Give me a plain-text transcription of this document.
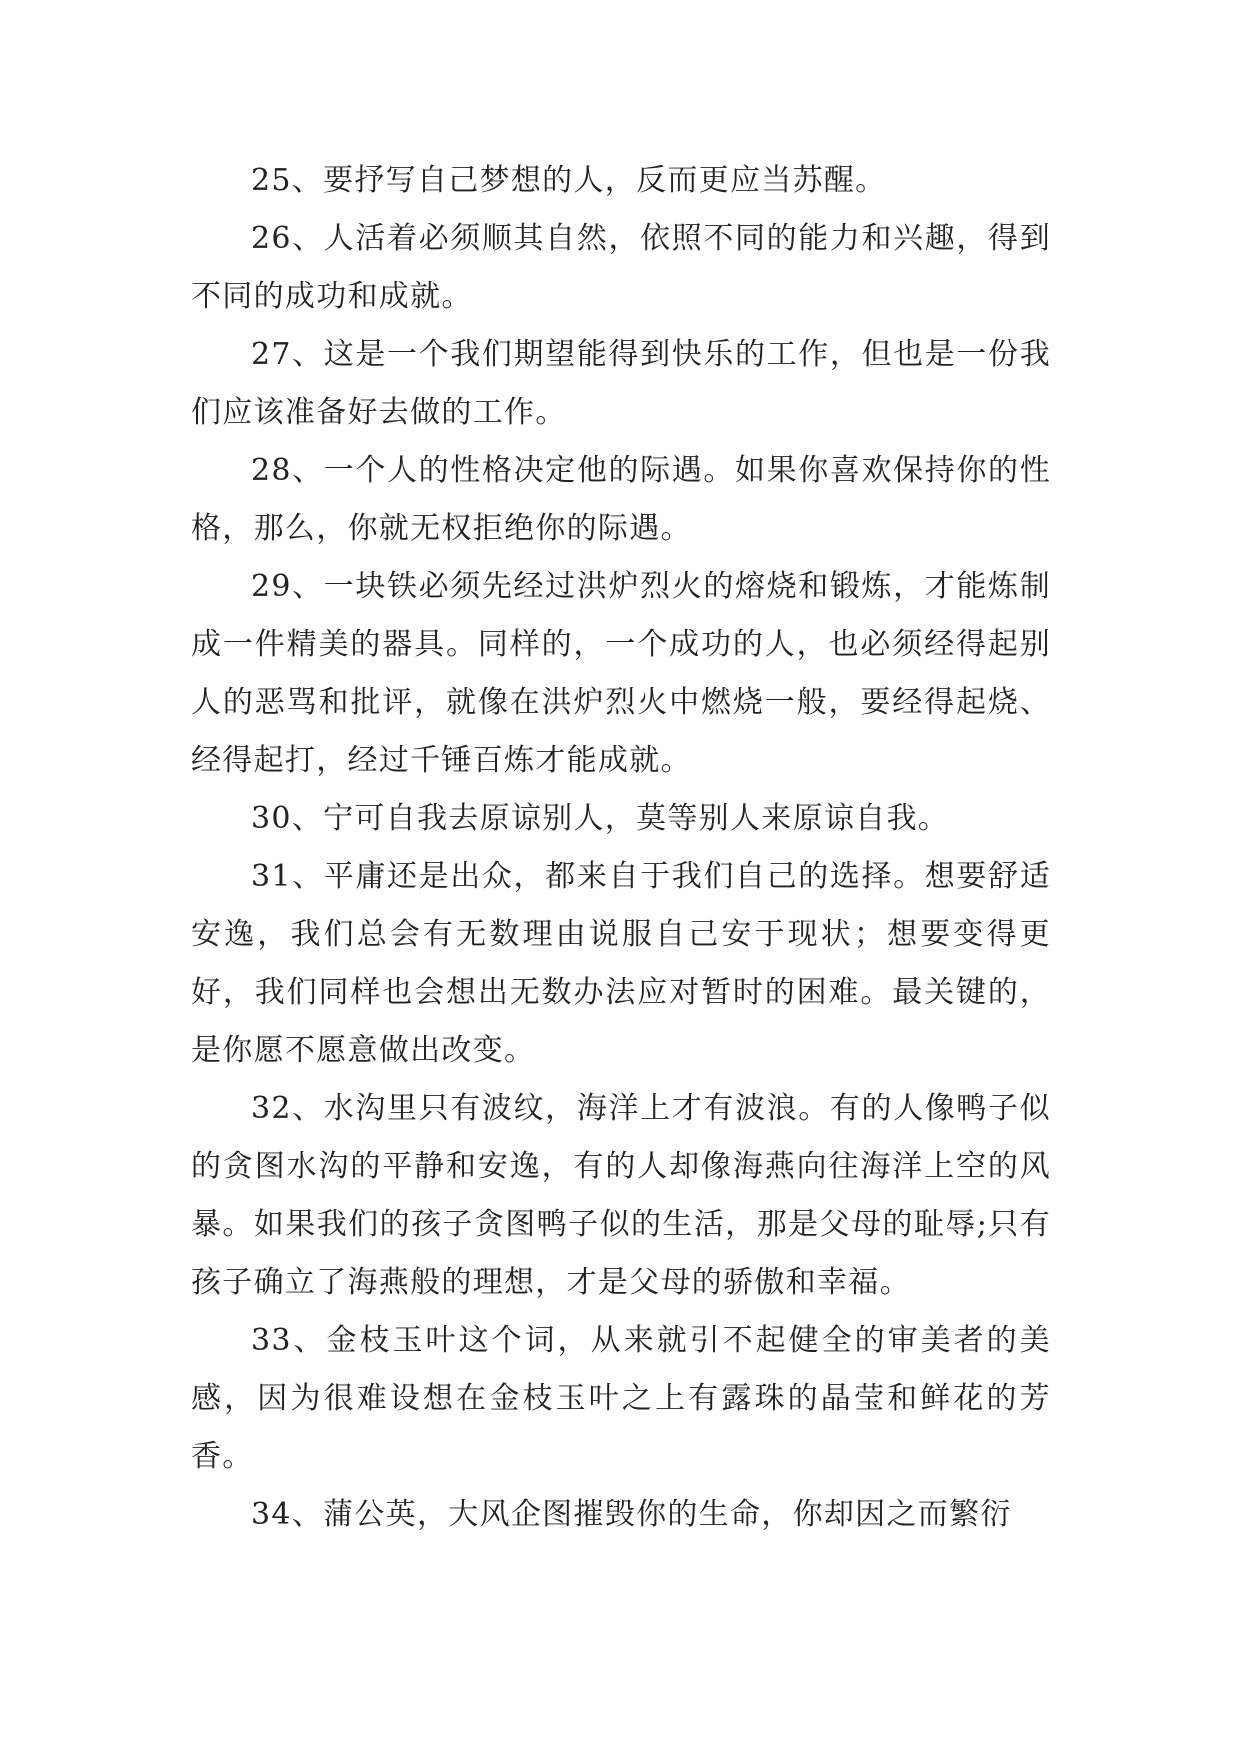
25、要抒写自己梦想的人，反而更应当苏醒。

26、人活着必须顺其自然，依照不同的能力和兴趣，得到不同的成功和成就。

27、这是一个我们期望能得到快乐的工作，但也是一份我们应该准备好去做的工作。

28、一个人的性格决定他的际遇。如果你喜欢保持你的性格，那么，你就无权拒绝你的际遇。

29、一块铁必须先经过洪炉烈火的熔烧和锻炼，才能炼制成一件精美的器具。同样的，一个成功的人，也必须经得起别人的恶骂和批评，就像在洪炉烈火中燃烧一般，要经得起烧、经得起打，经过千锤百炼才能成就。

30、宁可自我去原谅别人，莫等别人来原谅自我。

31、平庸还是出众，都来自于我们自己的选择。想要舒适安逸，我们总会有无数理由说服自己安于现状；想要变得更好，我们同样也会想出无数办法应对暂时的困难。最关键的，是你愿不愿意做出改变。

32、水沟里只有波纹，海洋上才有波浪。有的人像鸭子似的贪图水沟的平静和安逸，有的人却像海燕向往海洋上空的风暴。如果我们的孩子贪图鸭子似的生活，那是父母的耻辱;只有孩子确立了海燕般的理想，才是父母的骄傲和幸福。

33、金枝玉叶这个词，从来就引不起健全的审美者的美感，因为很难设想在金枝玉叶之上有露珠的晶莹和鲜花的芳香。

34、蒲公英，大风企图摧毁你的生命，你却因之而繁衍
